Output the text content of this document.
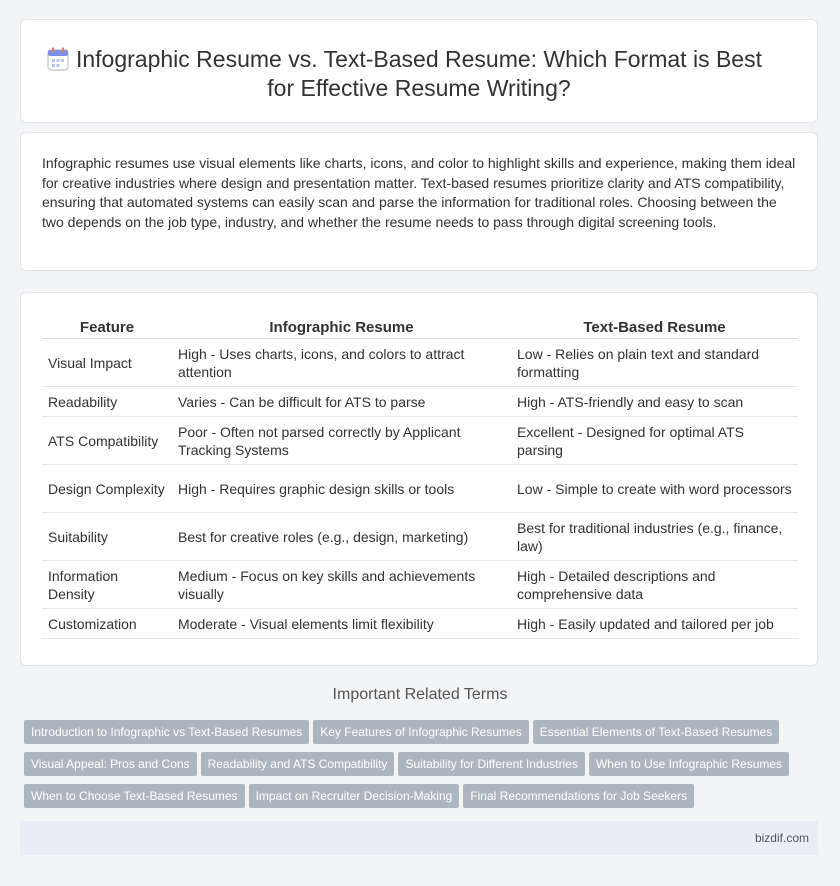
Infographic Resume vs. Text-Based Resume: Which Format is Best
for Effective Resume Writing?

Infographic resumes use visual elements like charts, icons, and color to highlight skills and experience, making them ideal for creative industries where design and presentation matter. Text-based resumes prioritize clarity and ATS compatibility, ensuring that automated systems can easily scan and parse the information for traditional roles. Choosing between the two depends on the job type, industry, and whether the resume needs to pass through digital screening tools.

Feature	Infographic Resume	Text-Based Resume
Visual Impact	High - Uses charts, icons, and colors to attract attention	Low - Relies on plain text and standard formatting
Readability	Varies - Can be difficult for ATS to parse	High - ATS-friendly and easy to scan
ATS Compatibility	Poor - Often not parsed correctly by Applicant Tracking Systems	Excellent - Designed for optimal ATS parsing
Design Complexity	High - Requires graphic design skills or tools	Low - Simple to create with word processors
Suitability	Best for creative roles (e.g., design, marketing)	Best for traditional industries (e.g., finance, law)
Information Density	Medium - Focus on key skills and achievements visually	High - Detailed descriptions and comprehensive data
Customization	Moderate - Visual elements limit flexibility	High - Easily updated and tailored per job
Important Related Terms
Introduction to Infographic vs Text-Based Resumes Key Features of Infographic Resumes Essential Elements of Text-Based Resumes
Visual Appeal: Pros and Cons Readability and ATS Compatibility Suitability for Different Industries When to Use Infographic Resumes
When to Choose Text-Based Resumes Impact on Recruiter Decision-Making Final Recommendations for Job Seekers
bizdif.com
